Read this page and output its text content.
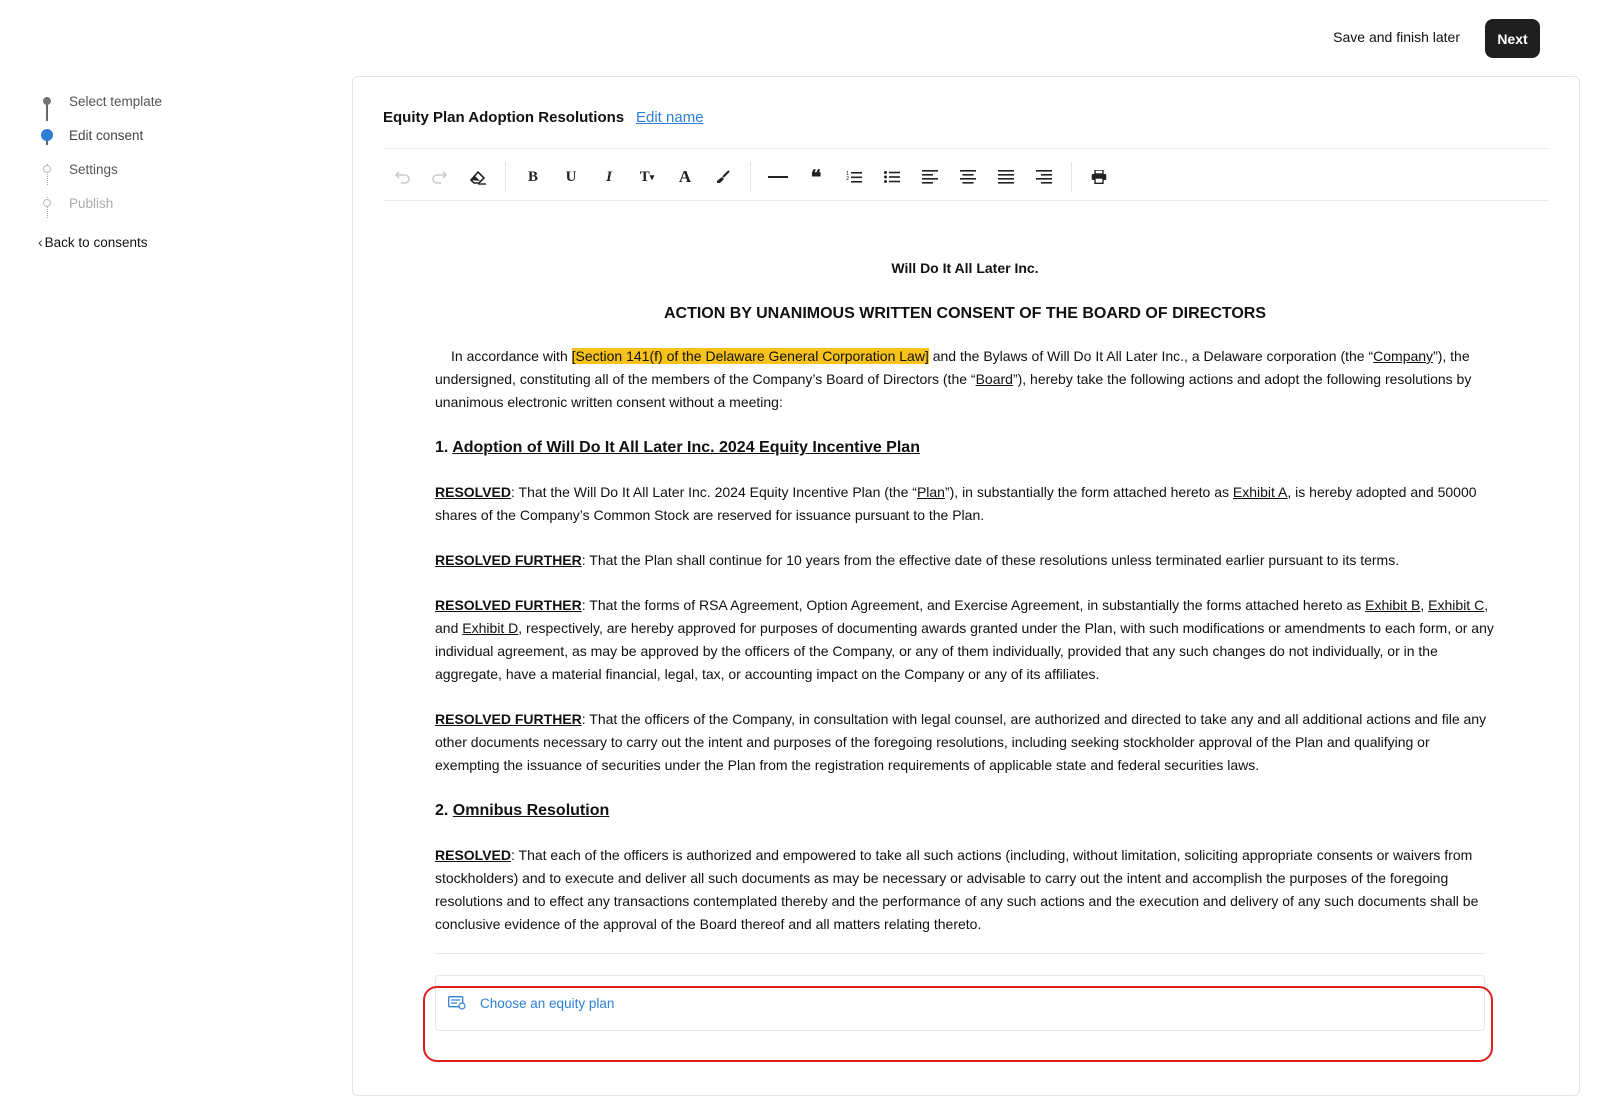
Save and finish later	Next
Select template
Edit consent
Settings
Publish
‹ Back to consents
Equity Plan Adoption Resolutions Edit name
B	U	I	T ▾	A	❝	1
2
Will Do It All Later Inc.
ACTION BY UNANIMOUS WRITTEN CONSENT OF THE BOARD OF DIRECTORS

In accordance with [Section 141(f) of the Delaware General Corporation Law] and the Bylaws of Will Do It All Later Inc., a Delaware corporation (the “Company”), the undersigned, constituting all of the members of the Company’s Board of Directors (the “Board”), hereby take the following actions and adopt the following resolutions by unanimous electronic written consent without a meeting:

1. Adoption of Will Do It All Later Inc. 2024 Equity Incentive Plan

RESOLVED: That the Will Do It All Later Inc. 2024 Equity Incentive Plan (the “Plan”), in substantially the form attached hereto as Exhibit A, is hereby adopted and 50000 shares of the Company’s Common Stock are reserved for issuance pursuant to the Plan.

RESOLVED FURTHER: That the Plan shall continue for 10 years from the effective date of these resolutions unless terminated earlier pursuant to its terms.

RESOLVED FURTHER: That the forms of RSA Agreement, Option Agreement, and Exercise Agreement, in substantially the forms attached hereto as Exhibit B, Exhibit C, and Exhibit D, respectively, are hereby approved for purposes of documenting awards granted under the Plan, with such modifications or amendments to each form, or any individual agreement, as may be approved by the officers of the Company, or any of them individually, provided that any such changes do not individually, or in the aggregate, have a material financial, legal, tax, or accounting impact on the Company or any of its affiliates.

RESOLVED FURTHER: That the officers of the Company, in consultation with legal counsel, are authorized and directed to take any and all additional actions and file any other documents necessary to carry out the intent and purposes of the foregoing resolutions, including seeking stockholder approval of the Plan and qualifying or exempting the issuance of securities under the Plan from the registration requirements of applicable state and federal securities laws.

2. Omnibus Resolution

RESOLVED: That each of the officers is authorized and empowered to take all such actions (including, without limitation, soliciting appropriate consents or waivers from stockholders) and to execute and deliver all such documents as may be necessary or advisable to carry out the intent and accomplish the purposes of the foregoing resolutions and to effect any transactions contemplated thereby and the performance of any such actions and the execution and delivery of any such documents shall be conclusive evidence of the approval of the Board thereof and all matters relating thereto.

Choose an equity plan
